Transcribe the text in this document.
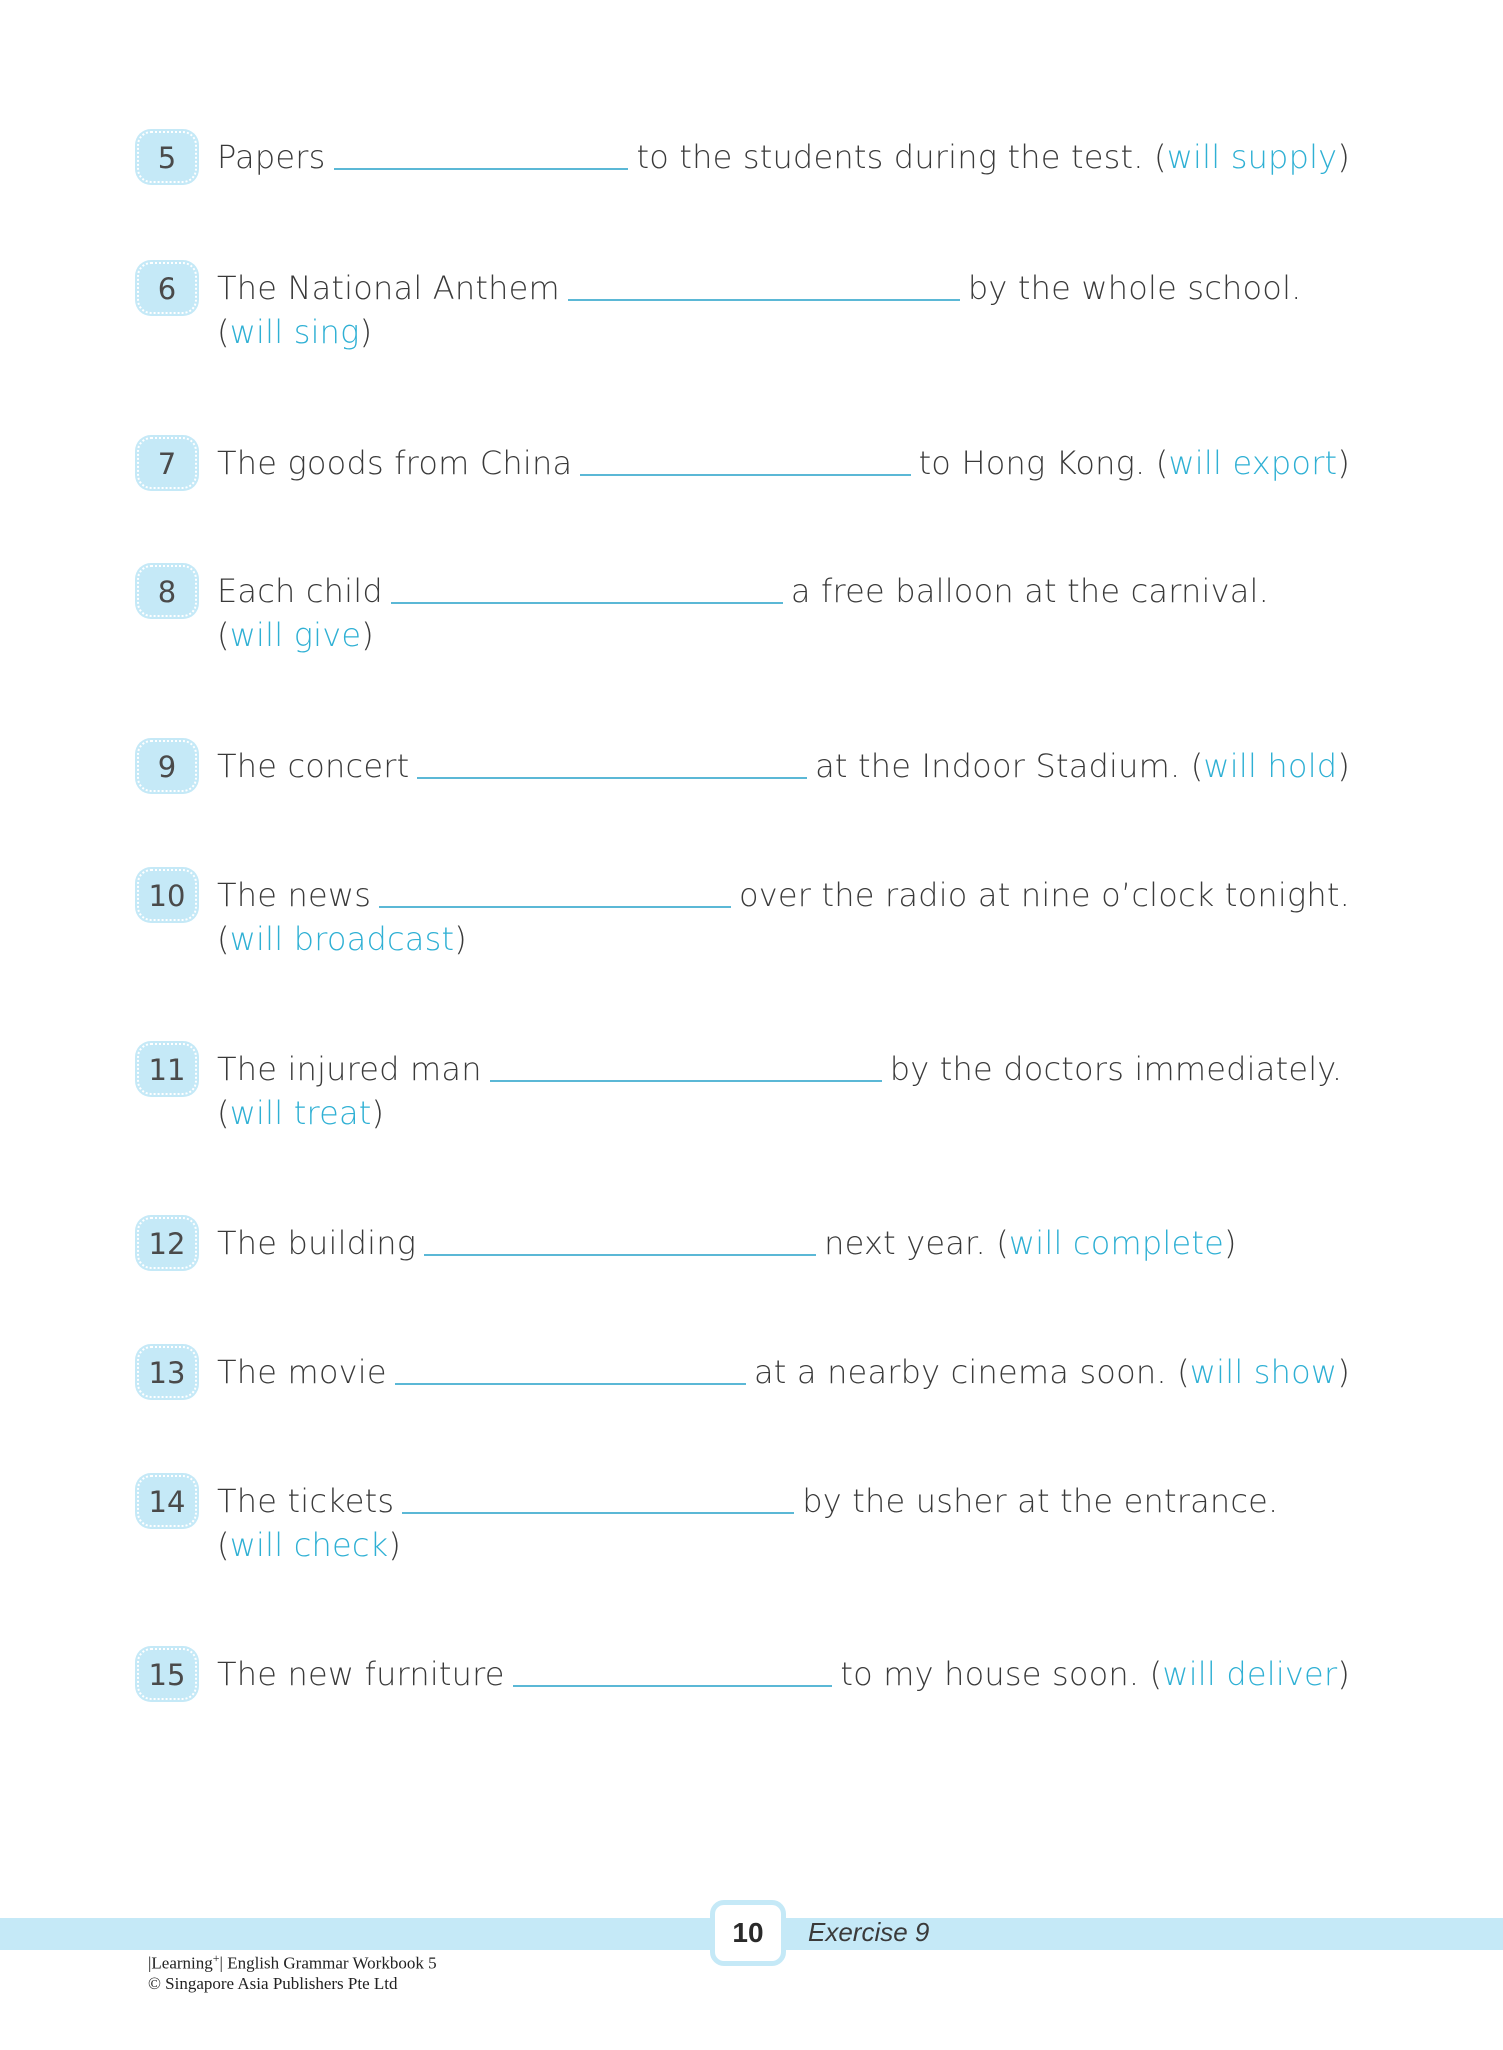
5	Papers	to the students during the test. (will supply)
6	The National Anthem	by the whole school.
(will sing)
7	The goods from China	to Hong Kong. (will export)
8	Each child	a free balloon at the carnival.
(will give)
9	The concert	at the Indoor Stadium. (will hold)
10 The news	over the radio at nine o’clock tonight.
(will broadcast)
11 The injured man	by the doctors immediately.
(will treat)
12 The building	next year. (will complete)
13 The movie	at a nearby cinema soon. (will show)
14 The tickets	by the usher at the entrance.
(will check)
15 The new furniture	to my house soon. (will deliver)
10	Exercise 9
|Learning+| English Grammar Workbook 5
© Singapore Asia Publishers Pte Ltd
